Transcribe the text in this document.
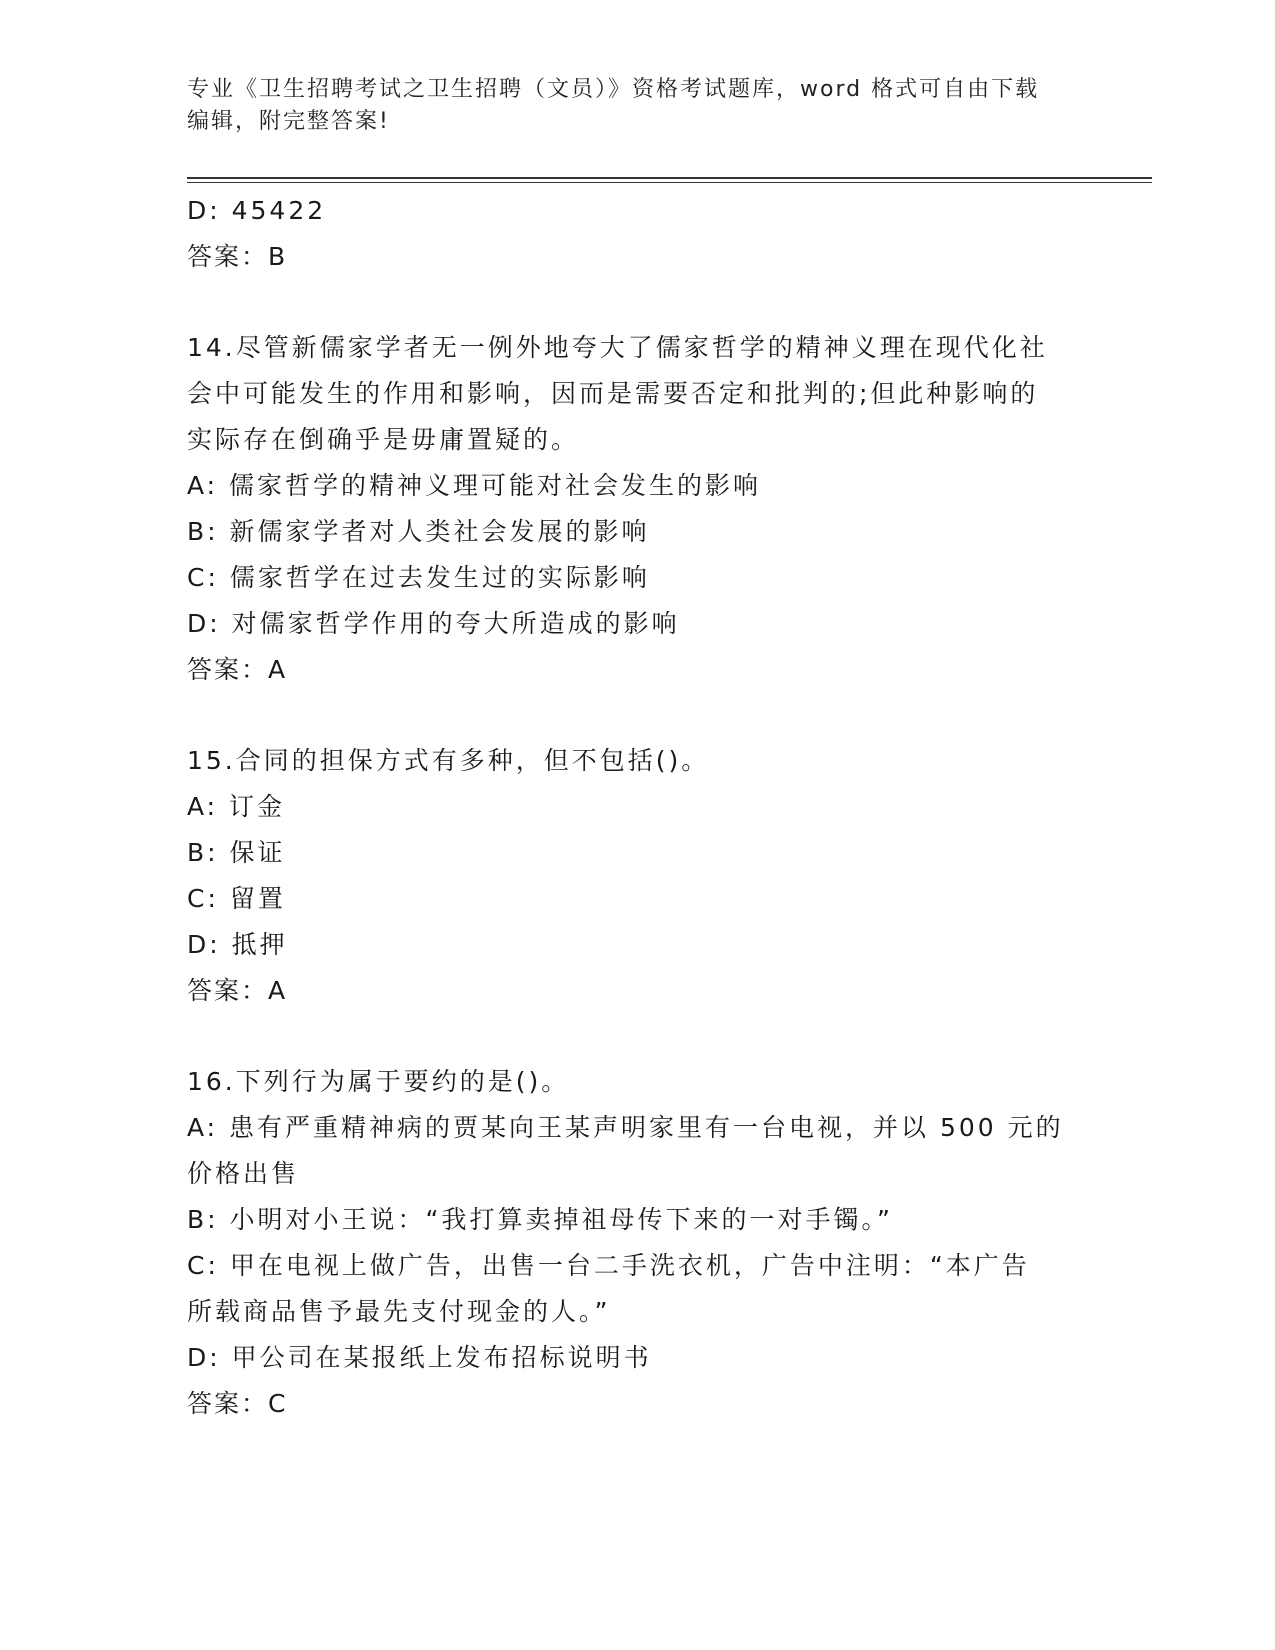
专业《卫生招聘考试之卫生招聘（文员）》资格考试题库，word 格式可自由下载
编辑，附完整答案!
D: 45422
答案：B
14.尽管新儒家学者无一例外地夸大了儒家哲学的精神义理在现代化社
会中可能发生的作用和影响，因而是需要否定和批判的;但此种影响的
实际存在倒确乎是毋庸置疑的。
A: 儒家哲学的精神义理可能对社会发生的影响
B: 新儒家学者对人类社会发展的影响
C: 儒家哲学在过去发生过的实际影响
D: 对儒家哲学作用的夸大所造成的影响
答案：A
15.合同的担保方式有多种，但不包括()。
A: 订金
B: 保证
C: 留置
D: 抵押
答案：A
16.下列行为属于要约的是()。
A: 患有严重精神病的贾某向王某声明家里有一台电视，并以 500 元的
价格出售
B: 小明对小王说：“我打算卖掉祖母传下来的一对手镯。”
C: 甲在电视上做广告，出售一台二手洗衣机，广告中注明：“本广告
所载商品售予最先支付现金的人。”
D: 甲公司在某报纸上发布招标说明书
答案：C
